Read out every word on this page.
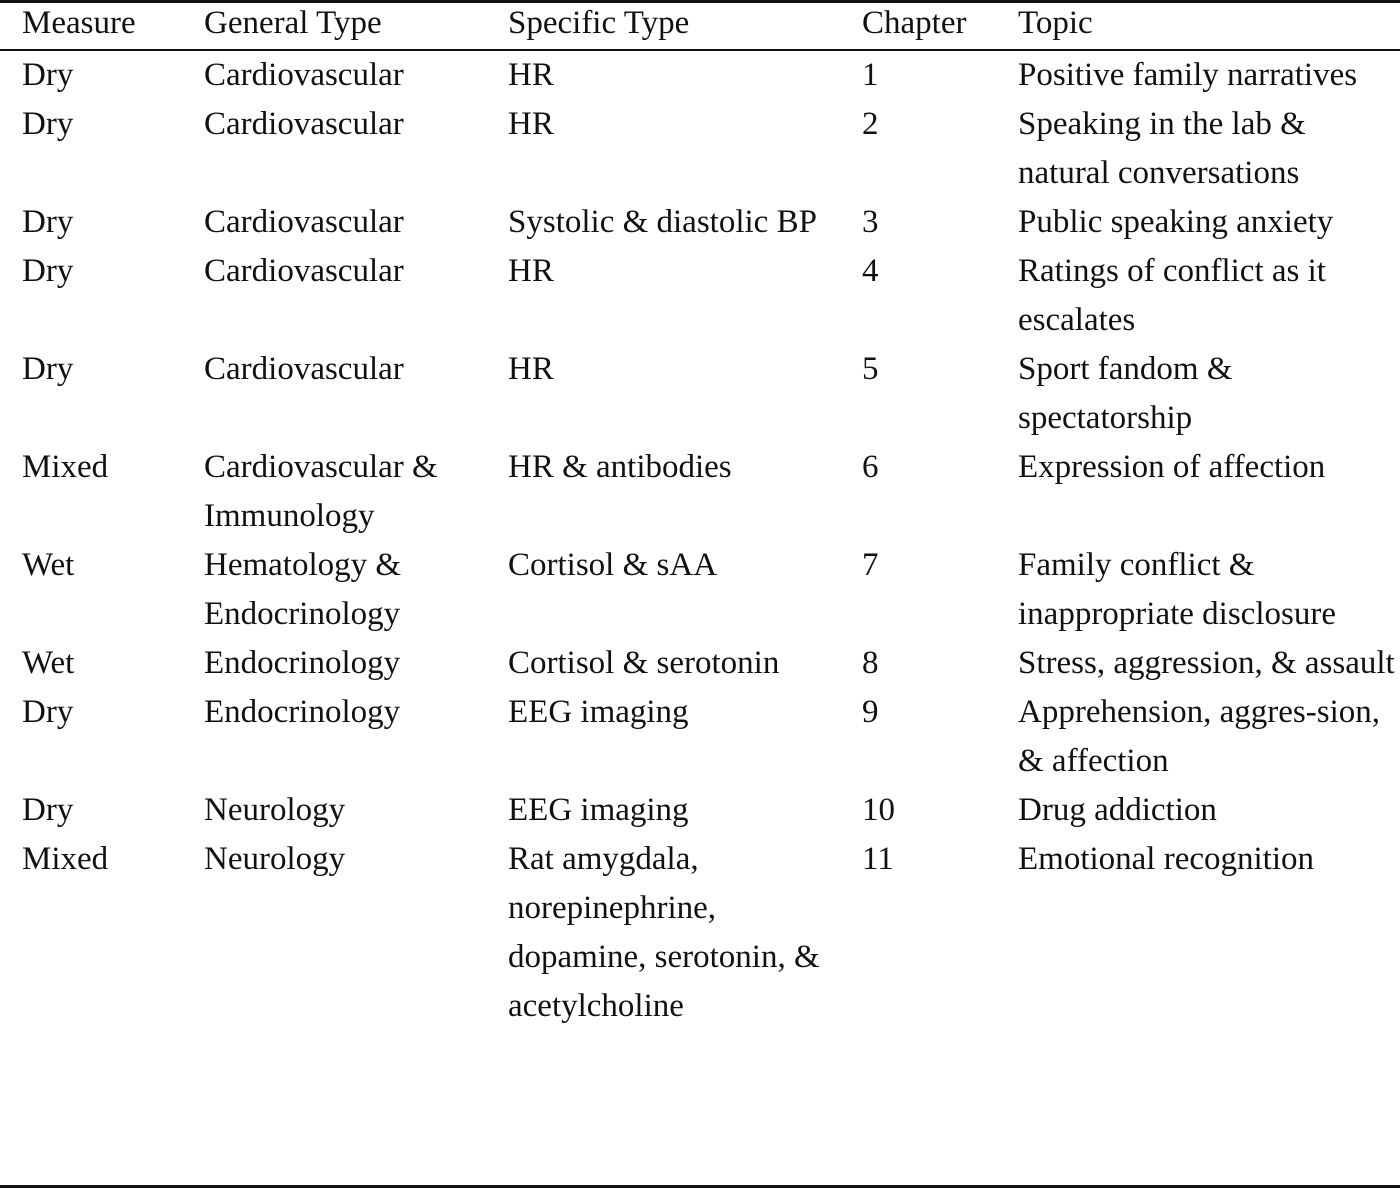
Measure	General Type	Specific Type	Chapter	Topic
Dry	Cardiovascular	HR	1	Positive family narratives
Dry	Cardiovascular	HR	2	Speaking in the lab & natural conversations
Dry	Cardiovascular	Systolic & diastolic BP	3	Public speaking anxiety
Dry	Cardiovascular	HR	4	Ratings of conflict as it escalates
Dry	Cardiovascular	HR	5	Sport fandom & spectatorship
Mixed	Cardiovascular & Immunology	HR & antibodies	6	Expression of affection
Wet	Hematology & Endocrinology	Cortisol & sAA	7	Family conflict & inappropriate disclosure
Wet	Endocrinology	Cortisol & serotonin	8	Stress, aggression, & assault
Dry	Endocrinology	EEG imaging	9	Apprehension, aggres-sion, & affection
Dry	Neurology	EEG imaging	10	Drug addiction
Mixed	Neurology	Rat amygdala, norepinephrine, dopamine, serotonin, & acetylcholine	11	Emotional recognition
